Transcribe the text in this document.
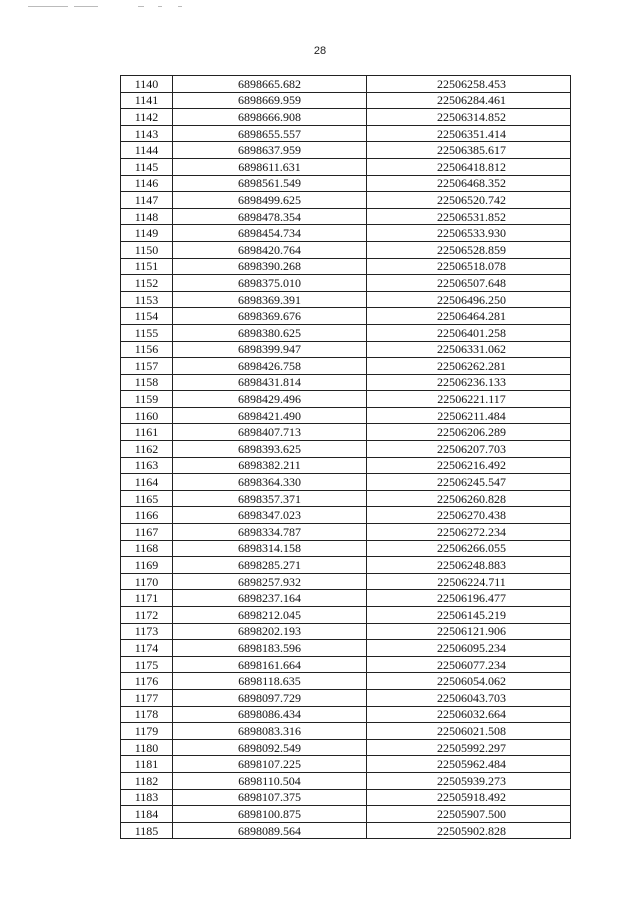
28
1140	6898665.682	22506258.453
1141	6898669.959	22506284.461
1142	6898666.908	22506314.852
1143	6898655.557	22506351.414
1144	6898637.959	22506385.617
1145	6898611.631	22506418.812
1146	6898561.549	22506468.352
1147	6898499.625	22506520.742
1148	6898478.354	22506531.852
1149	6898454.734	22506533.930
1150	6898420.764	22506528.859
1151	6898390.268	22506518.078
1152	6898375.010	22506507.648
1153	6898369.391	22506496.250
1154	6898369.676	22506464.281
1155	6898380.625	22506401.258
1156	6898399.947	22506331.062
1157	6898426.758	22506262.281
1158	6898431.814	22506236.133
1159	6898429.496	22506221.117
1160	6898421.490	22506211.484
1161	6898407.713	22506206.289
1162	6898393.625	22506207.703
1163	6898382.211	22506216.492
1164	6898364.330	22506245.547
1165	6898357.371	22506260.828
1166	6898347.023	22506270.438
1167	6898334.787	22506272.234
1168	6898314.158	22506266.055
1169	6898285.271	22506248.883
1170	6898257.932	22506224.711
1171	6898237.164	22506196.477
1172	6898212.045	22506145.219
1173	6898202.193	22506121.906
1174	6898183.596	22506095.234
1175	6898161.664	22506077.234
1176	6898118.635	22506054.062
1177	6898097.729	22506043.703
1178	6898086.434	22506032.664
1179	6898083.316	22506021.508
1180	6898092.549	22505992.297
1181	6898107.225	22505962.484
1182	6898110.504	22505939.273
1183	6898107.375	22505918.492
1184	6898100.875	22505907.500
1185	6898089.564	22505902.828
